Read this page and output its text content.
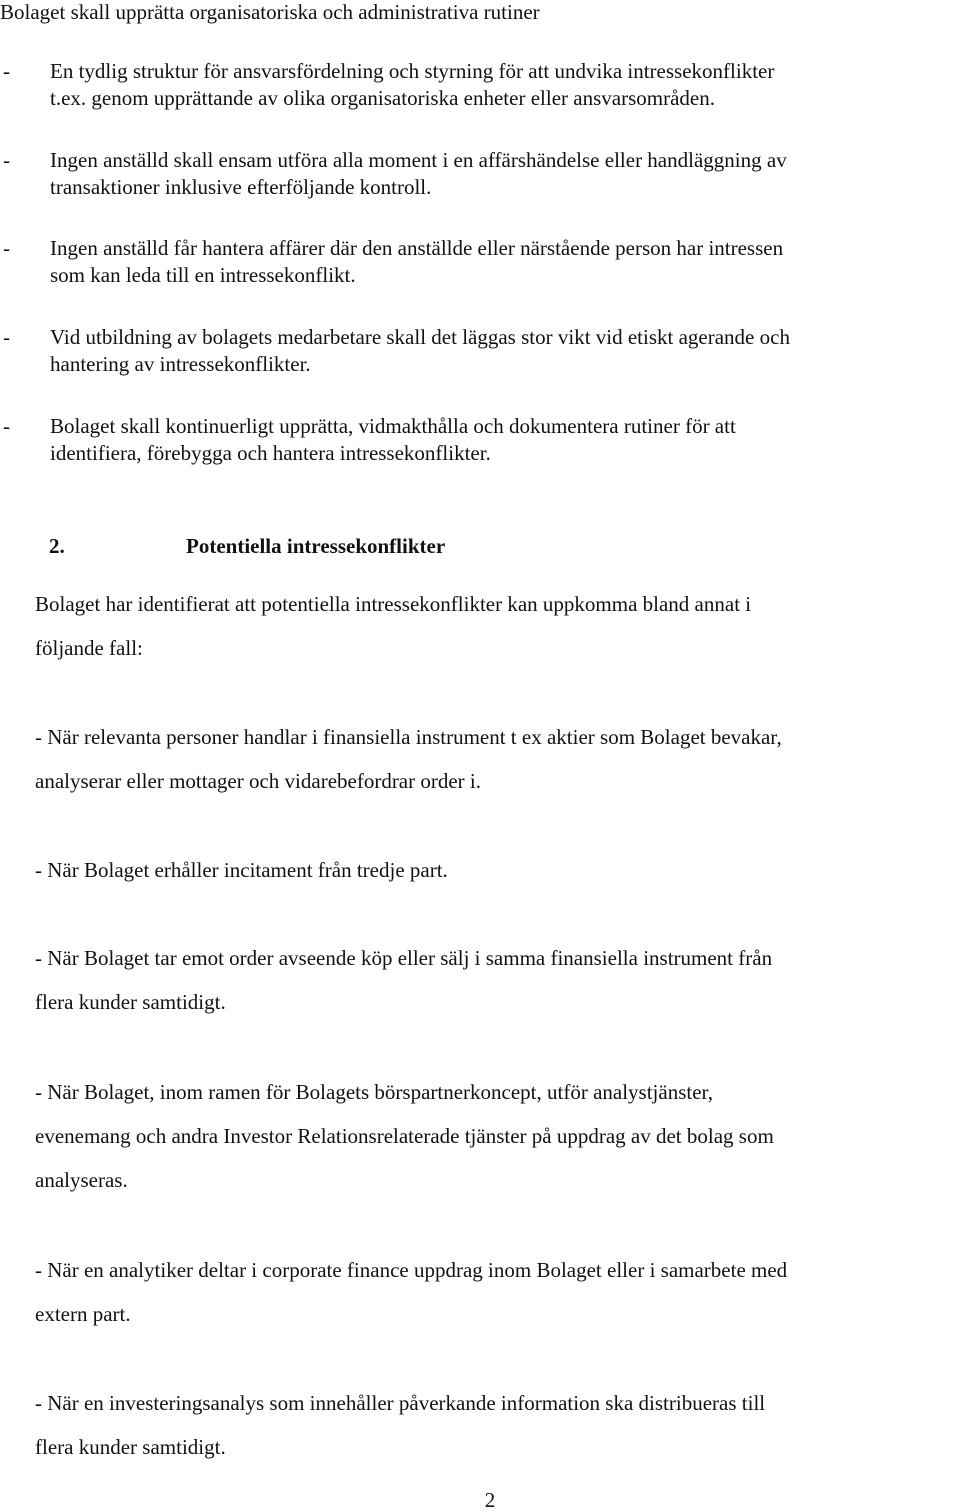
Bolaget skall upprätta organisatoriska och administrativa rutiner
- En tydlig struktur för ansvarsfördelning och styrning för att undvika intressekonflikter
t.ex. genom upprättande av olika organisatoriska enheter eller ansvarsområden.
- Ingen anställd skall ensam utföra alla moment i en affärshändelse eller handläggning av
transaktioner inklusive efterföljande kontroll.
- Ingen anställd får hantera affärer där den anställde eller närstående person har intressen
som kan leda till en intressekonflikt.
- Vid utbildning av bolagets medarbetare skall det läggas stor vikt vid etiskt agerande och
hantering av intressekonflikter.
- Bolaget skall kontinuerligt upprätta, vidmakthålla och dokumentera rutiner för att
identifiera, förebygga och hantera intressekonflikter.
2.	Potentiella intressekonflikter
Bolaget har identifierat att potentiella intressekonflikter kan uppkomma bland annat i
följande fall:
- När relevanta personer handlar i finansiella instrument t ex aktier som Bolaget bevakar,
analyserar eller mottager och vidarebefordrar order i.
- När Bolaget erhåller incitament från tredje part.
- När Bolaget tar emot order avseende köp eller sälj i samma finansiella instrument från
flera kunder samtidigt.
- När Bolaget, inom ramen för Bolagets börspartnerkoncept, utför analystjänster,
evenemang och andra Investor Relationsrelaterade tjänster på uppdrag av det bolag som
analyseras.
- När en analytiker deltar i corporate finance uppdrag inom Bolaget eller i samarbete med
extern part.
- När en investeringsanalys som innehåller påverkande information ska distribueras till
flera kunder samtidigt.
2
